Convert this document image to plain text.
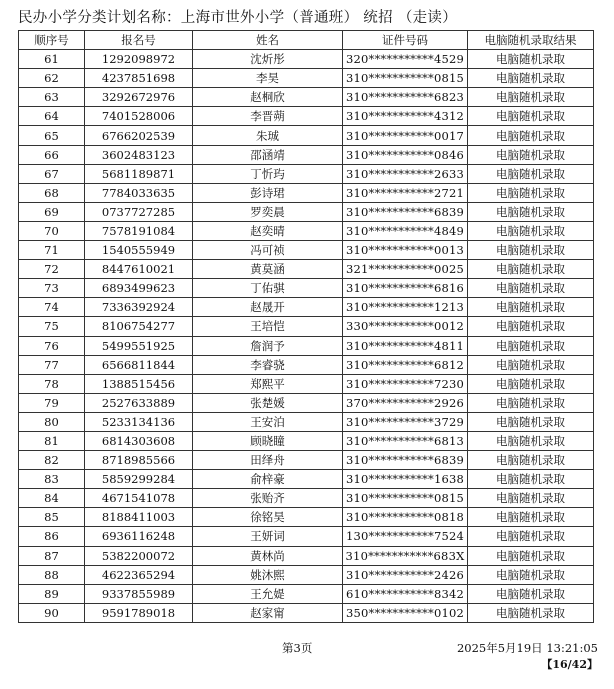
民办小学分类计划名称：上海市世外小学（普通班） 统招 （走读）
顺序号	报名号	姓名	证件号码	电脑随机录取结果
61	1292098972	沈炘彤	320***********4529	电脑随机录取
62	4237851698	李昊	310***********0815	电脑随机录取
63	3292672976	赵桐欣	310***********6823	电脑随机录取
64	7401528006	李晋蒴	310***********4312	电脑随机录取
65	6766202539	朱珹	310***********0017	电脑随机录取
66	3602483123	邵涵靖	310***********0846	电脑随机录取
67	5681189871	丁忻玙	310***********2633	电脑随机录取
68	7784033635	彭诗珺	310***********2721	电脑随机录取
69	0737727285	罗奕晨	310***********6839	电脑随机录取
70	7578191084	赵奕晴	310***********4849	电脑随机录取
71	1540555949	冯可祯	310***********0013	电脑随机录取
72	8447610021	黄莫涵	321***********0025	电脑随机录取
73	6893499623	丁佑骐	310***********6816	电脑随机录取
74	7336392924	赵晟开	310***********1213	电脑随机录取
75	8106754277	王培恺	330***********0012	电脑随机录取
76	5499551925	詹润予	310***********4811	电脑随机录取
77	6566811844	李睿骁	310***********6812	电脑随机录取
78	1388515456	郑熙平	310***********7230	电脑随机录取
79	2527633889	张楚媛	370***********2926	电脑随机录取
80	5233134136	王安泊	310***********3729	电脑随机录取
81	6814303608	顾晓瞳	310***********6813	电脑随机录取
82	8718985566	田绎舟	310***********6839	电脑随机录取
83	5859299284	俞梓豪	310***********1638	电脑随机录取
84	4671541078	张贻齐	310***********0815	电脑随机录取
85	8188411003	徐铭昊	310***********0818	电脑随机录取
86	6936116248	王妍词	130***********7524	电脑随机录取
87	5382200072	黄林尚	310***********683X	电脑随机录取
88	4622365294	姚沐熙	310***********2426	电脑随机录取
89	9337855989	王允媞	610***********8342	电脑随机录取
90	9591789018	赵家甯	350***********0102	电脑随机录取
第3页	2025年5月19日 13:21:05
【16/42】
